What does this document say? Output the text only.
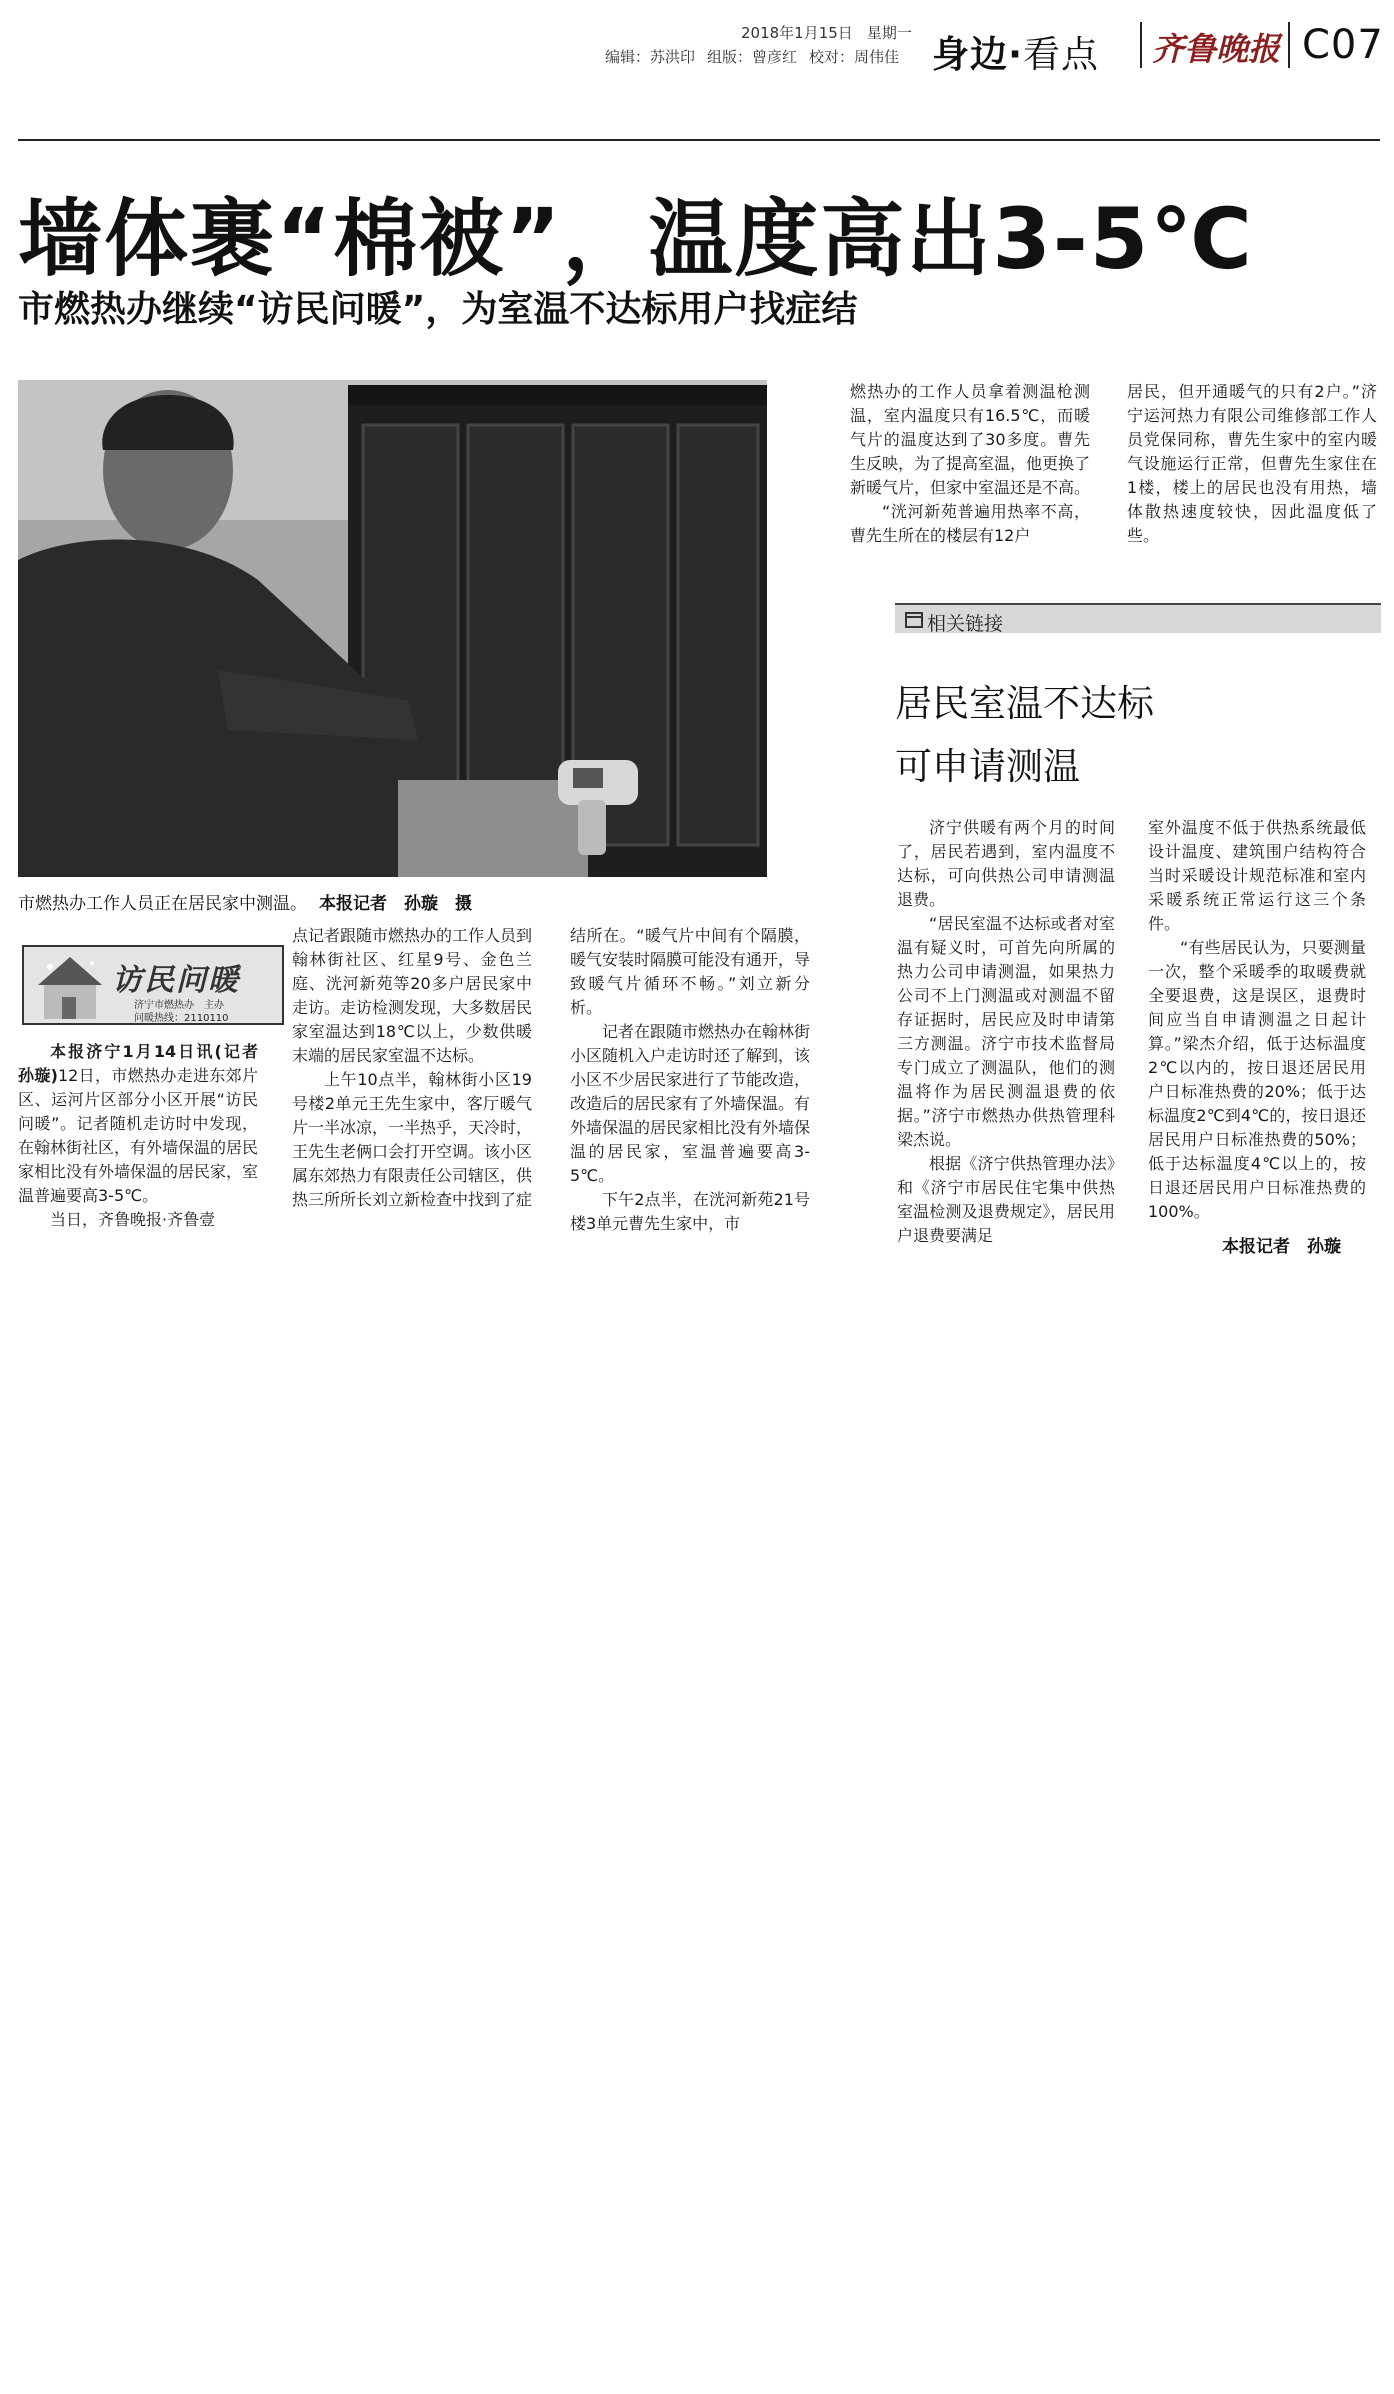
2018年1月15日 星期一
编辑：苏洪印 组版：曾彦红 校对：周伟佳 身边·看点 齐鲁晚报 C07
墙体裹“棉被”，温度高出3-5℃
市燃热办继续“访民问暖”，为室温不达标用户找症结
市燃热办工作人员正在居民家中测温。 本报记者　孙璇　摄
访民问暖
济宁市燃热办　主办
问暖热线：2110110

本报济宁1月14日讯(记者　孙璇)12日，市燃热办走进东郊片区、运河片区部分小区开展“访民问暖”。记者随机走访时中发现，在翰林街社区，有外墙保温的居民家相比没有外墙保温的居民家，室温普遍要高3-5℃。

当日，齐鲁晚报·齐鲁壹

点记者跟随市燃热办的工作人员到翰林街社区、红星9号、金色兰庭、洸河新苑等20多户居民家中走访。走访检测发现，大多数居民家室温达到18℃以上，少数供暖末端的居民家室温不达标。

上午10点半，翰林街小区19号楼2单元王先生家中，客厅暖气片一半冰凉，一半热乎，天冷时，王先生老俩口会打开空调。该小区属东郊热力有限责任公司辖区，供热三所所长刘立新检查中找到了症

结所在。“暖气片中间有个隔膜，暖气安装时隔膜可能没有通开，导致暖气片循环不畅。”刘立新分析。

记者在跟随市燃热办在翰林街小区随机入户走访时还了解到，该小区不少居民家进行了节能改造，改造后的居民家有了外墙保温。有外墙保温的居民家相比没有外墙保温的居民家，室温普遍要高3-5℃。

下午2点半，在洸河新苑21号楼3单元曹先生家中，市

燃热办的工作人员拿着测温枪测温，室内温度只有16.5℃，而暖气片的温度达到了30多度。曹先生反映，为了提高室温，他更换了新暖气片，但家中室温还是不高。

“洸河新苑普遍用热率不高，曹先生所在的楼层有12户

居民，但开通暖气的只有2户。”济宁运河热力有限公司维修部工作人员党保同称，曹先生家中的室内暖气设施运行正常，但曹先生家住在1楼，楼上的居民也没有用热，墙体散热速度较快，因此温度低了些。

相关链接
居民室温不达标
可申请测温

济宁供暖有两个月的时间了，居民若遇到，室内温度不达标，可向供热公司申请测温退费。

“居民室温不达标或者对室温有疑义时，可首先向所属的热力公司申请测温，如果热力公司不上门测温或对测温不留存证据时，居民应及时申请第三方测温。济宁市技术监督局专门成立了测温队，他们的测温将作为居民测温退费的依据。”济宁市燃热办供热管理科梁杰说。

根据《济宁供热管理办法》和《济宁市居民住宅集中供热室温检测及退费规定》，居民用户退费要满足

室外温度不低于供热系统最低设计温度、建筑围户结构符合当时采暖设计规范标准和室内采暖系统正常运行这三个条件。

“有些居民认为，只要测量一次，整个采暖季的取暖费就全要退费，这是误区，退费时间应当自申请测温之日起计算。”梁杰介绍，低于达标温度2℃以内的，按日退还居民用户日标准热费的20%；低于达标温度2℃到4℃的，按日退还居民用户日标准热费的50%；低于达标温度4℃以上的，按日退还居民用户日标准热费的100%。

本报记者　孙璇
